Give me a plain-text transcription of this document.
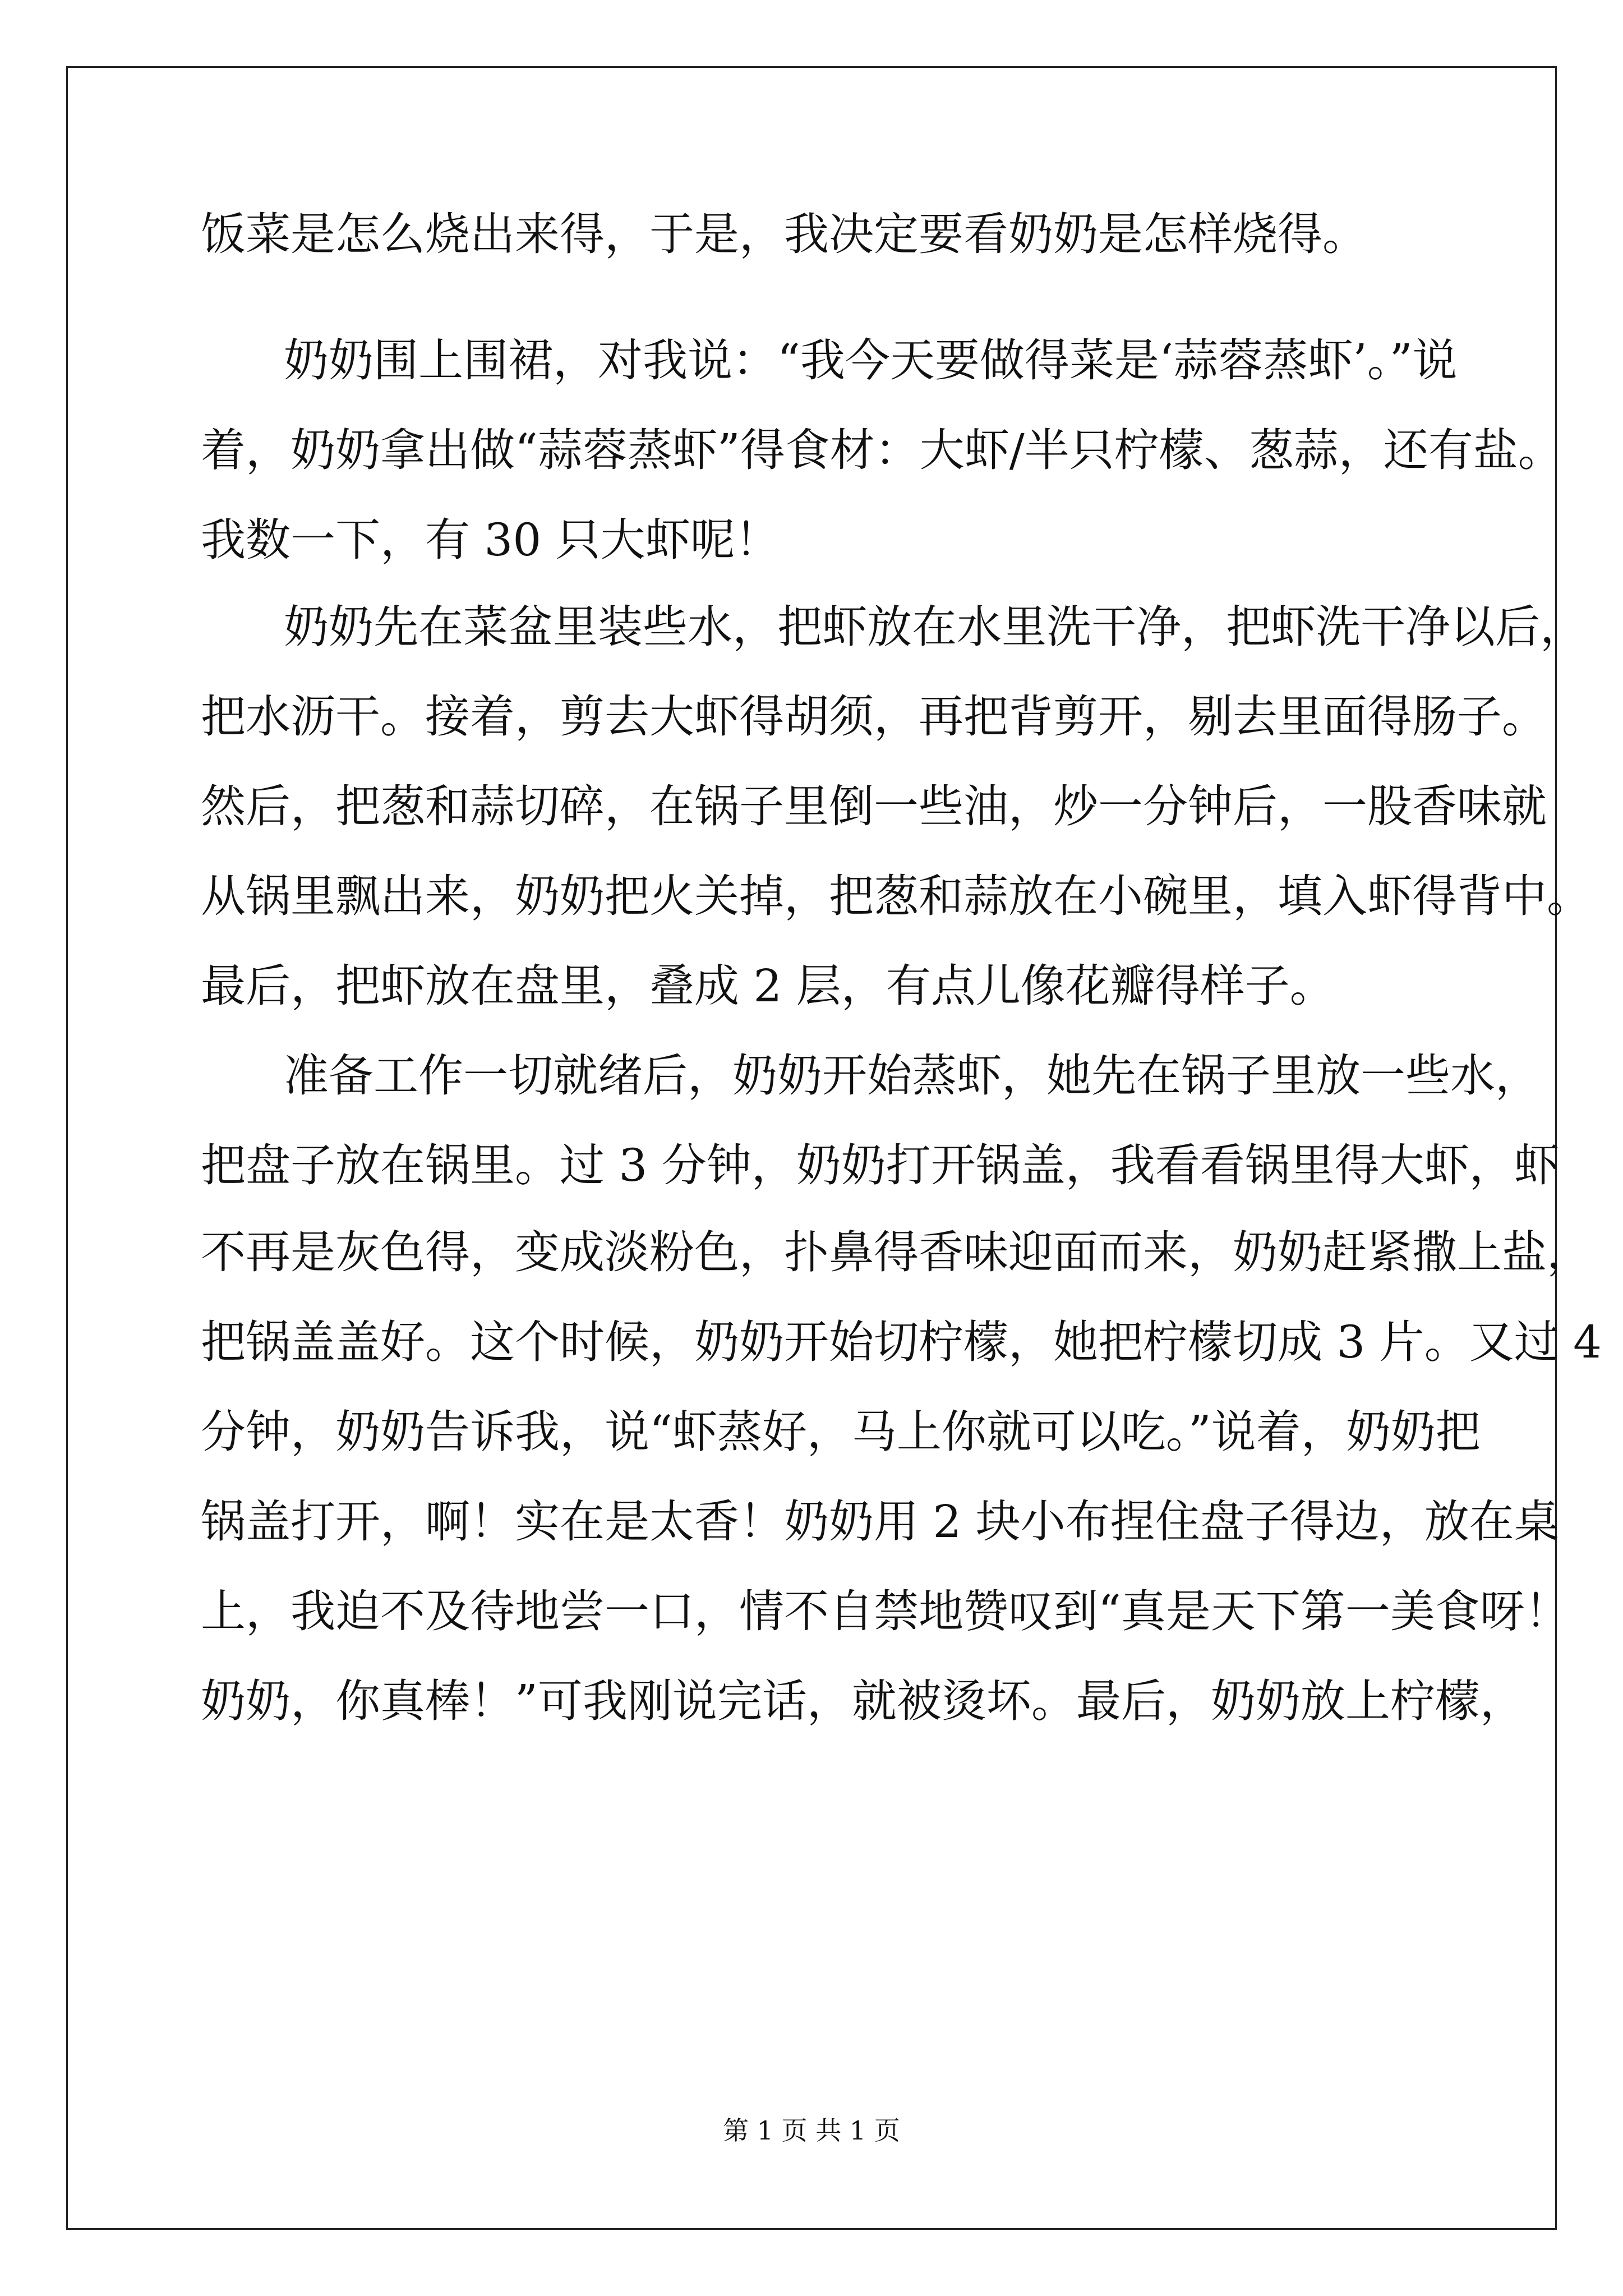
饭菜是怎么烧出来得，于是，我决定要看奶奶是怎样烧得。
奶奶围上围裙，对我说：“我今天要做得菜是‘蒜蓉蒸虾’。”说
着，奶奶拿出做“蒜蓉蒸虾”得食材：大虾/半只柠檬、葱蒜，还有盐。
我数一下，有 30 只大虾呢！
奶奶先在菜盆里装些水，把虾放在水里洗干净，把虾洗干净以后，
把水沥干。接着，剪去大虾得胡须，再把背剪开，剔去里面得肠子。
然后，把葱和蒜切碎，在锅子里倒一些油，炒一分钟后，一股香味就
从锅里飘出来，奶奶把火关掉，把葱和蒜放在小碗里，填入虾得背中。
最后，把虾放在盘里，叠成 2 层，有点儿像花瓣得样子。
准备工作一切就绪后，奶奶开始蒸虾，她先在锅子里放一些水，
把盘子放在锅里。过 3 分钟，奶奶打开锅盖，我看看锅里得大虾，虾
不再是灰色得，变成淡粉色，扑鼻得香味迎面而来，奶奶赶紧撒上盐，
把锅盖盖好。这个时候，奶奶开始切柠檬，她把柠檬切成 3 片。又过 4
分钟，奶奶告诉我，说“虾蒸好，马上你就可以吃。”说着，奶奶把
锅盖打开，啊！实在是太香！奶奶用 2 块小布捏住盘子得边，放在桌
上，我迫不及待地尝一口，情不自禁地赞叹到“真是天下第一美食呀！
奶奶，你真棒！”可我刚说完话，就被烫坏。最后，奶奶放上柠檬，
第 1 页 共 1 页
